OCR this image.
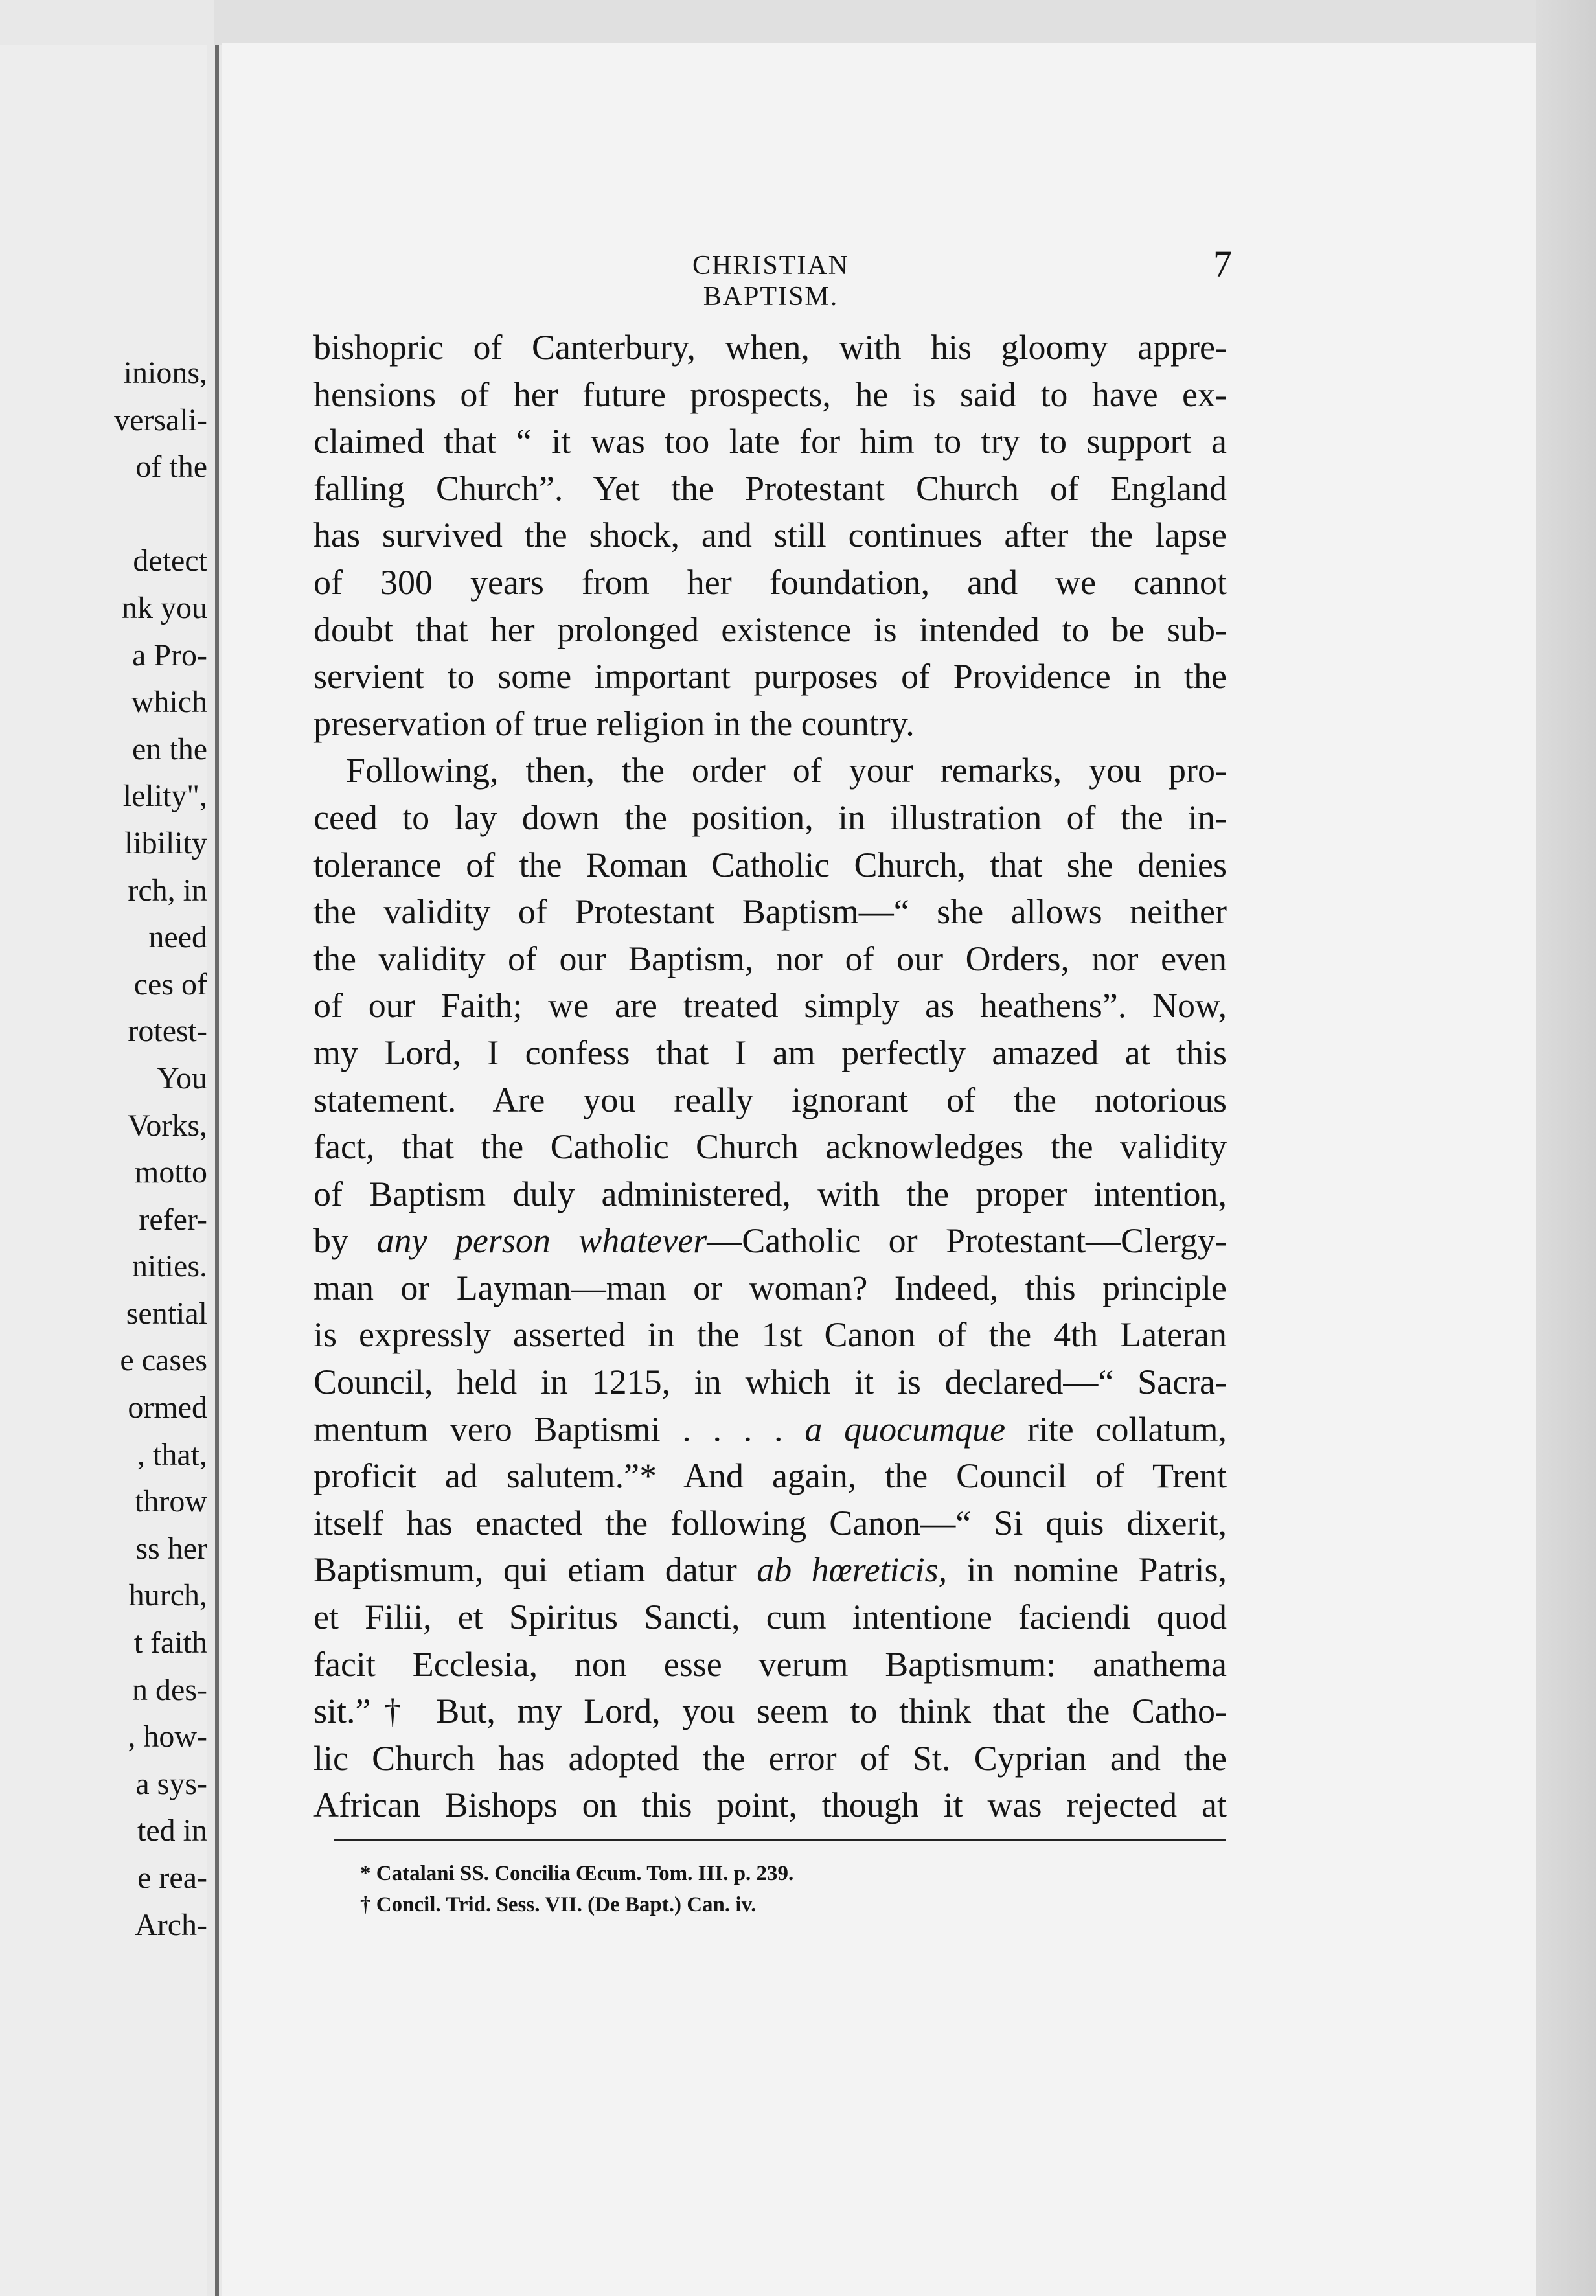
inions,
versali-
of the
detect
nk you
a Pro-
which
en the
lelity",
libility
rch, in
need
ces of
rotest-
You
Vorks,
motto
refer-
nities.
sential
e cases
ormed
, that,
throw
ss her
hurch,
t faith
n des-
, how-
a sys-
ted in
e rea-
Arch-
CHRISTIAN BAPTISM.
7
bishopric of Canterbury, when, with his gloomy appre-
hensions of her future prospects, he is said to have ex-
claimed that “ it was too late for him to try to support a
falling Church”. Yet the Protestant Church of England
has survived the shock, and still continues after the lapse
of 300 years from her foundation, and we cannot
doubt that her prolonged existence is intended to be sub-
servient to some important purposes of Providence in the
preservation of true religion in the country.
Following, then, the order of your remarks, you pro-
ceed to lay down the position, in illustration of the in-
tolerance of the Roman Catholic Church, that she denies
the validity of Protestant Baptism—“ she allows neither
the validity of our Baptism, nor of our Orders, nor even
of our Faith; we are treated simply as heathens”. Now,
my Lord, I confess that I am perfectly amazed at this
statement. Are you really ignorant of the notorious
fact, that the Catholic Church acknowledges the validity
of Baptism duly administered, with the proper intention,
by any person whatever—Catholic or Protestant—Clergy-
man or Layman—man or woman? Indeed, this principle
is expressly asserted in the 1st Canon of the 4th Lateran
Council, held in 1215, in which it is declared—“ Sacra-
mentum vero Baptismi . . . . a quocumque rite collatum,
proficit ad salutem.”* And again, the Council of Trent
itself has enacted the following Canon—“ Si quis dixerit,
Baptismum, qui etiam datur ab hœreticis, in nomine Patris,
et Filii, et Spiritus Sancti, cum intentione faciendi quod
facit Ecclesia, non esse verum Baptismum: anathema
sit.”† But, my Lord, you seem to think that the Catho-
lic Church has adopted the error of St. Cyprian and the
African Bishops on this point, though it was rejected at
* Catalani SS. Concilia Œcum. Tom. III. p. 239.
† Concil. Trid. Sess. VII. (De Bapt.) Can. iv.
